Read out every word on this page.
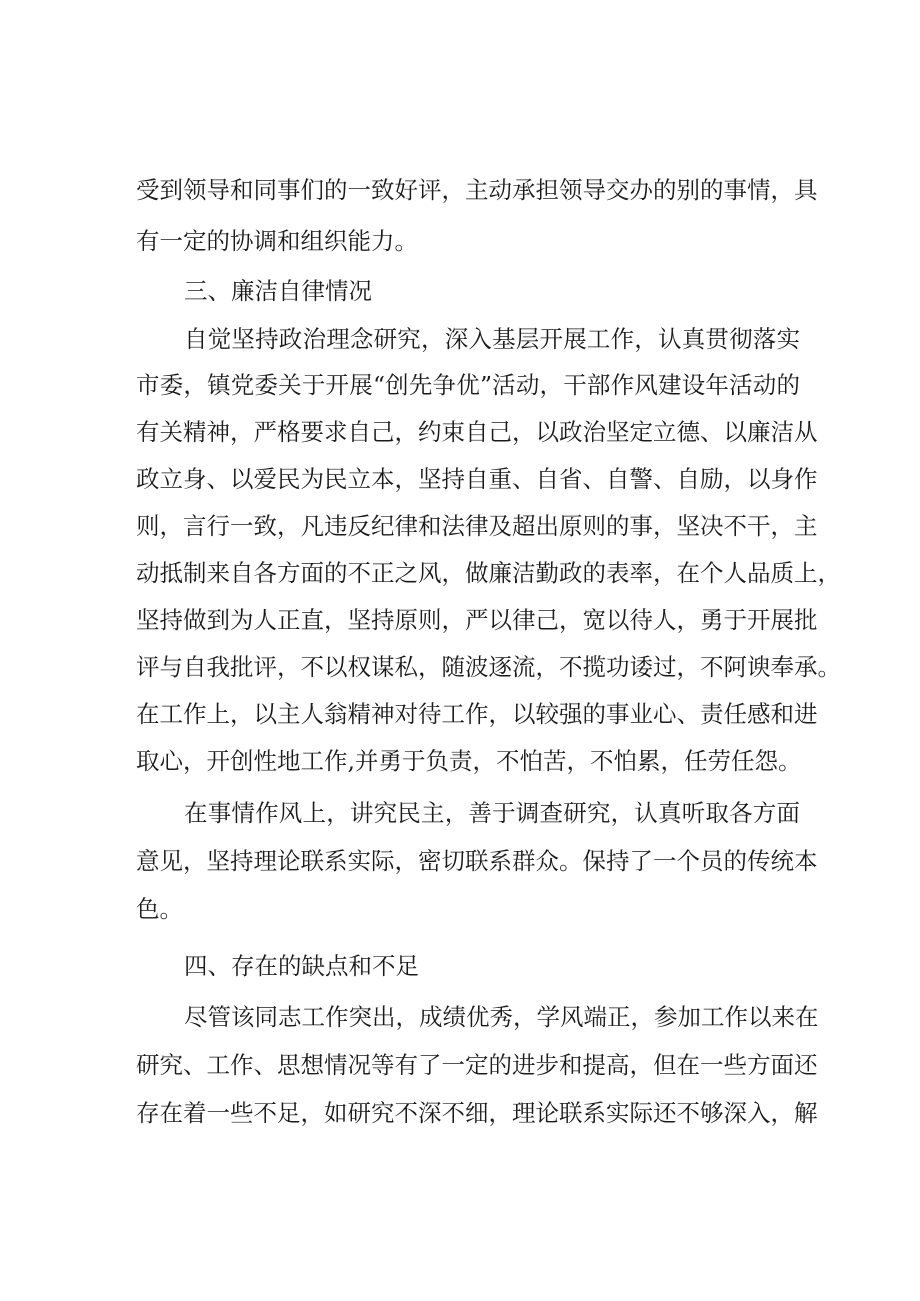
受到领导和同事们的一致好评，主动承担领导交办的别的事情，具
有一定的协调和组织能力。
三、廉洁自律情况
自觉坚持政治理念研究，深入基层开展工作，认真贯彻落实
市委，镇党委关于开展“创先争优”活动，干部作风建设年活动的
有关精神，严格要求自己，约束自己，以政治坚定立德、以廉洁从
政立身、以爱民为民立本，坚持自重、自省、自警、自励，以身作
则，言行一致，凡违反纪律和法律及超出原则的事，坚决不干，主
动抵制来自各方面的不正之风，做廉洁勤政的表率，在个人品质上，
坚持做到为人正直，坚持原则，严以律己，宽以待人，勇于开展批
评与自我批评，不以权谋私，随波逐流，不揽功诿过，不阿谀奉承。
在工作上，以主人翁精神对待工作，以较强的事业心、责任感和进
取心，开创性地工作,并勇于负责，不怕苦，不怕累，任劳任怨。
在事情作风上，讲究民主，善于调查研究，认真听取各方面
意见，坚持理论联系实际，密切联系群众。保持了一个员的传统本
色。
四、存在的缺点和不足
尽管该同志工作突出，成绩优秀，学风端正，参加工作以来在
研究、工作、思想情况等有了一定的进步和提高，但在一些方面还
存在着一些不足，如研究不深不细，理论联系实际还不够深入，解
